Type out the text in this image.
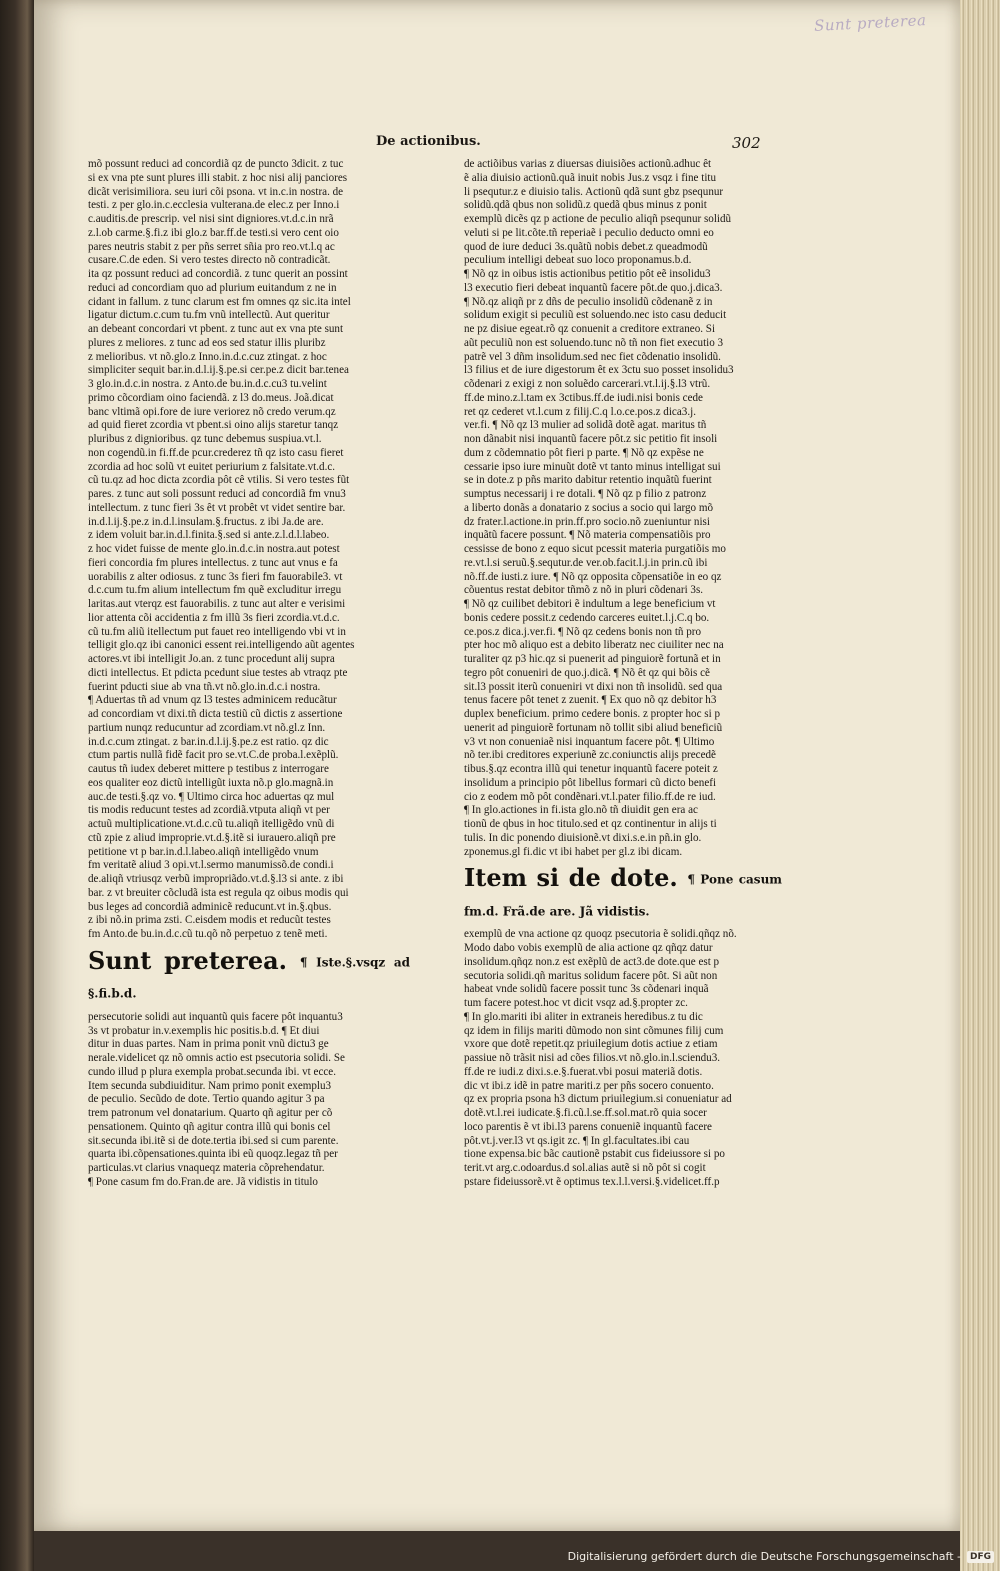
Sunt preterea
De actionibus.	302
mõ possunt reduci ad concordiã qz de puncto 3dicit. z tuc
si ex vna pte sunt plures illi stabit. z hoc nisi alij panciores
dicãt verisimiliora. seu iuri cõi psona. vt in.c.in nostra. de
testi. z per glo.in.c.ecclesia vulterana.de elec.z per Inno.i
c.auditis.de prescrip. vel nisi sint digniores.vt.d.c.in nrã
z.l.ob carme.§.fi.z ibi glo.z bar.ff.de testi.si vero cent oio
pares neutris stabit z per pñs serret sñia pro reo.vt.l.q ac
cusare.C.de eden. Si vero testes directo nõ contradicãt.
ita qz possunt reduci ad concordiã. z tunc querit an possint
reduci ad concordiam quo ad plurium euitandum z ne in
cidant in fallum. z tunc clarum est fm omnes qz sic.ita intel
ligatur dictum.c.cum tu.fm vnũ intellectũ. Aut queritur
an debeant concordari vt pbent. z tunc aut ex vna pte sunt
plures z meliores. z tunc ad eos sed statur illis pluribz
z melioribus. vt nõ.glo.z Inno.in.d.c.cuz ztingat. z hoc
simpliciter sequit bar.in.d.l.ij.§.pe.si cer.pe.z dicit bar.tenea
3 glo.in.d.c.in nostra. z Anto.de bu.in.d.c.cu3 tu.velint
primo cõcordiam oino faciendã. z l3 do.meus. Joã.dicat
banc vltimã opi.fore de iure veriorez nõ credo verum.qz
ad quid fieret zcordia vt pbent.si oino alijs staretur tanqz
pluribus z dignioribus. qz tunc debemus suspiua.vt.l.
non cogendũ.in fi.ff.de pcur.crederez tñ qz isto casu fieret
zcordia ad hoc solũ vt euitet periurium z falsitate.vt.d.c.
cũ tu.qz ad hoc dicta zcordia pôt cê vtilis. Si vero testes fũt
pares. z tunc aut soli possunt reduci ad concordiã fm vnu3
intellectum. z tunc fieri 3s êt vt probêt vt videt sentire bar.
in.d.l.ij.§.pe.z in.d.l.insulam.§.fructus. z ibi Ja.de are.
z idem voluit bar.in.d.l.finita.§.sed si ante.z.l.d.l.labeo.
z hoc videt fuisse de mente glo.in.d.c.in nostra.aut potest
fieri concordia fm plures intellectus. z tunc aut vnus e fa
uorabilis z alter odiosus. z tunc 3s fieri fm fauorabile3. vt
d.c.cum tu.fm alium intellectum fm quẽ excluditur irregu
laritas.aut vterqz est fauorabilis. z tunc aut alter e verisimi
lior attenta cõi accidentia z fm illũ 3s fieri zcordia.vt.d.c.
cũ tu.fm aliũ itellectum put fauet reo intelligendo vbi vt in
telligit glo.qz ibi canonici essent rei.intelligendo aũt agentes
actores.vt ibi intelligit Jo.an. z tunc procedunt alij supra
dicti intellectus. Et pdicta pcedunt siue testes ab vtraqz pte
fuerint pducti siue ab vna tñ.vt nõ.glo.in.d.c.i nostra.
¶ Aduertas tñ ad vnum qz l3 testes adminicem reducãtur
ad concordiam vt dixi.tñ dicta testiũ cũ dictis z assertione
partium nunqz reducuntur ad zcordiam.vt nõ.gl.z Inn.
in.d.c.cum ztingat. z bar.in.d.l.ij.§.pe.z est ratio. qz dic
ctum partis nullã fidẽ facit pro se.vt.C.de proba.l.exẽplũ.
cautus tñ iudex deberet mittere p testibus z interrogare
eos qualiter eoz dictũ intelligũt iuxta nõ.p glo.magnã.in
auc.de testi.§.qz vo. ¶ Ultimo circa hoc aduertas qz mul
tis modis reducunt testes ad zcordiã.vtputa aliqñ vt per
actuũ multiplicatione.vt.d.c.cũ tu.aliqñ itelligẽdo vnũ di
ctũ zpie z aliud improprie.vt.d.§.itẽ si iurauero.aliqñ pre
petitione vt p bar.in.d.l.labeo.aliqñ intelligẽdo vnum
fm veritatẽ aliud 3 opi.vt.l.sermo manumissõ.de condi.i
de.aliqñ vtriusqz verbũ impropriãdo.vt.d.§.l3 si ante. z ibi
bar. z vt breuiter cõcludã ista est regula qz oibus modis qui
bus leges ad concordiã adminicẽ reducunt.vt in.§.qbus.
z ibi nõ.in prima zsti. C.eisdem modis et reducũt testes
fm Anto.de bu.in.d.c.cũ tu.qõ nõ perpetuo z tenẽ meti.
Sunt preterea. ¶ Iste.§.vsqz ad §.fi.b.d.
persecutorie solidi aut inquantũ quis facere pôt inquantu3
3s vt probatur in.v.exemplis hic positis.b.d. ¶ Et diui
ditur in duas partes. Nam in prima ponit vnũ dictu3 ge
nerale.videlicet qz nõ omnis actio est psecutoria solidi. Se
cundo illud p plura exempla probat.secunda ibi. vt ecce.
Item secunda subdiuiditur. Nam primo ponit exemplu3
de peculio. Secũdo de dote. Tertio quando agitur 3 pa
trem patronum vel donatarium. Quarto qñ agitur per cõ
pensationem. Quinto qñ agitur contra illũ qui bonis cel
sit.secunda ibi.itẽ si de dote.tertia ibi.sed si cum parente.
quarta ibi.cõpensationes.quinta ibi eũ quoqz.legaz tñ per
particulas.vt clarius vnaqueqz materia cõprehendatur.
¶ Pone casum fm do.Fran.de are. Jã vidistis in titulo
de actiõibus varias z diuersas diuisiões actionũ.adhuc êt
ẽ alia diuisio actionũ.quã inuit nobis Jus.z vsqz i fine titu
li psequtur.z e diuisio talis. Actionũ qdã sunt gbz psequnur
solidũ.qdã qbus non solidũ.z quedã qbus minus z ponit
exemplũ dicẽs qz p actione de peculio aliqñ psequnur solidũ
veluti si pe lit.cõte.tñ reperiaẽ i peculio deducto omni eo
quod de iure deduci 3s.quãtũ nobis debet.z queadmodũ
peculium intelligi debeat suo loco proponamus.b.d.
¶ Nõ qz in oibus istis actionibus petitio pôt eẽ insolidu3
l3 executio fieri debeat inquantũ facere pôt.de quo.j.dica3.
¶ Nõ.qz aliqñ pr z dñs de peculio insolidũ cõdenanẽ z in
solidum exigit si peculiũ est soluendo.nec isto casu deducit
ne pz disiue egeat.rõ qz conuenit a creditore extraneo. Si
aũt peculiũ non est soluendo.tunc nõ tñ non fiet executio 3
patrẽ vel 3 dñm insolidum.sed nec fiet cõdenatio insolidũ.
l3 filius et de iure digestorum êt ex 3ctu suo posset insolidu3
cõdenari z exigi z non soluẽdo carcerari.vt.l.ij.§.l3 vtrũ.
ff.de mino.z.l.tam ex 3ctibus.ff.de iudi.nisi bonis cede
ret qz cederet vt.l.cum z filij.C.q l.o.ce.pos.z dica3.j.
ver.fi. ¶ Nõ qz l3 mulier ad solidã dotẽ agat. maritus tñ
non dãnabit nisi inquantũ facere pôt.z sic petitio fit insoli
dum z cõdemnatio pôt fieri p parte. ¶ Nõ qz expẽse ne
cessarie ipso iure minuũt dotẽ vt tanto minus intelligat sui
se in dote.z p pñs marito dabitur retentio inquãtũ fuerint
sumptus necessarij i re dotali. ¶ Nõ qz p filio z patronz
a liberto donãs a donatario z socius a socio qui largo mõ
dz frater.l.actione.in prin.ff.pro socio.nõ zueniuntur nisi
inquãtũ facere possunt. ¶ Nõ materia compensatiõis pro
cessisse de bono z equo sicut pcessit materia purgatiõis mo
re.vt.l.si seruũ.§.sequtur.de ver.ob.facit.l.j.in prin.cũ ibi
nõ.ff.de iusti.z iure. ¶ Nõ qz opposita cõpensatiõe in eo qz
cõuentus restat debitor tñmõ z nõ in pluri cõdenari 3s.
¶ Nõ qz cuilibet debitori ẽ indultum a lege beneficium vt
bonis cedere possit.z cedendo carceres euitet.l.j.C.q bo.
ce.pos.z dica.j.ver.fi. ¶ Nõ qz cedens bonis non tñ pro
pter hoc mõ aliquo est a debito liberatz nec ciuiliter nec na
turaliter qz p3 hic.qz si puenerit ad pinguiorẽ fortunã et in
tegro pôt conueniri de quo.j.dicã. ¶ Nõ êt qz qui bõis cẽ
sit.l3 possit iterũ conueniri vt dixi non tñ insolidũ. sed qua
tenus facere pôt tenet z zuenit. ¶ Ex quo nõ qz debitor h3
duplex beneficium. primo cedere bonis. z propter hoc si p
uenerit ad pinguiorẽ fortunam nõ tollit sibi aliud beneficiũ
v3 vt non conueniaẽ nisi inquantum facere pôt. ¶ Ultimo
nõ ter.ibi creditores experiunẽ zc.coniunctis alijs precedẽ
tibus.§.qz econtra illũ qui tenetur inquantũ facere poteit z
insolidum a principio pôt libellus formari cũ dicto benefi
cio z eodem mõ pôt condẽnari.vt.l.pater filio.ff.de re iud.
¶ In glo.actiones in fi.ista glo.nõ tñ diuidit gen era ac
tionũ de qbus in hoc titulo.sed et qz continentur in alijs ti
tulis. In dic ponendo diuisionẽ.vt dixi.s.e.in pñ.in glo.
zponemus.gl fi.dic vt ibi habet per gl.z ibi dicam.
Item si de dote. ¶ Pone casum fm.d. Frã.de are. Jã vidistis.
exemplũ de vna actione qz quoqz psecutoria ẽ solidi.qñqz nõ.
Modo dabo vobis exemplũ de alia actione qz qñqz datur
insolidum.qñqz non.z est exẽplũ de act3.de dote.que est p
secutoria solidi.qñ maritus solidum facere pôt. Si aũt non
habeat vnde solidũ facere possit tunc 3s cõdenari inquã
tum facere potest.hoc vt dicit vsqz ad.§.propter zc.
¶ In glo.mariti ibi aliter in extraneis heredibus.z tu dic
qz idem in filijs mariti dũmodo non sint cõmunes filij cum
vxore que dotẽ repetit.qz priuilegium dotis actiue z etiam
passiue nõ trãsit nisi ad cões filios.vt nõ.glo.in.l.sciendu3.
ff.de re iudi.z dixi.s.e.§.fuerat.vbi posui materiã dotis.
dic vt ibi.z idẽ in patre mariti.z per pñs socero conuento.
qz ex propria psona h3 dictum priuilegium.si conueniatur ad
dotẽ.vt.l.rei iudicate.§.fi.cũ.l.se.ff.sol.mat.rõ quia socer
loco parentis ẽ vt ibi.l3 parens conueniẽ inquantũ facere
pôt.vt.j.ver.l3 vt qs.igit zc. ¶ In gl.facultates.ibi cau
tione expensa.bic bãc cautionẽ pstabit cus fideiussore si po
terit.vt arg.c.odoardus.d sol.alias autẽ si nõ pôt si cogit
pstare fideiussorẽ.vt ẽ optimus tex.l.l.versi.§.videlicet.ff.p
Digitalisierung gefördert durch die Deutsche Forschungsgemeinschaft -	DFG
